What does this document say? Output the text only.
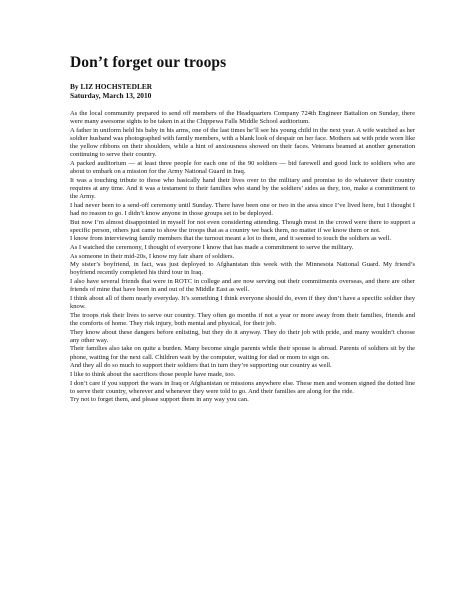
Don’t forget our troops
By LIZ HOCHSTEDLER
Saturday, March 13, 2010

As the local community prepared to send off members of the Headquarters Company 724th Engineer Battalion on Sunday, there were many awesome sights to be taken in at the Chippewa Falls Middle School auditorium.

A father in uniform held his baby in his arms, one of the last times he’ll see his young child in the next year. A wife watched as her soldier husband was photographed with family members, with a blank look of despair on her face. Mothers sat with pride worn like the yellow ribbons on their shoulders, while a hint of anxiousness showed on their faces. Veterans beamed at another generation continuing to serve their country.

A packed auditorium — at least three people for each one of the 90 soldiers — bid farewell and good luck to soldiers who are about to embark on a mission for the Army National Guard in Iraq.

It was a touching tribute to those who basically hand their lives over to the military and promise to do whatever their country requires at any time. And it was a testament to their families who stand by the soldiers’ sides as they, too, make a commitment to the Army.

I had never been to a send-off ceremony until Sunday. There have been one or two in the area since I’ve lived here, but I thought I had no reason to go. I didn’t know anyone in those groups set to be deployed.

But now I’m almost disappointed in myself for not even considering attending. Though most in the crowd were there to support a specific person, others just came to show the troops that as a country we back them, no matter if we know them or not.

I know from interviewing family members that the turnout meant a lot to them, and it seemed to touch the soldiers as well.

As I watched the ceremony, I thought of everyone I know that has made a commitment to serve the military.

As someone in their mid-20s, I know my fair share of soldiers.

My sister’s boyfriend, in fact, was just deployed to Afghanistan this week with the Minnesota National Guard. My friend’s boyfriend recently completed his third tour in Iraq.

I also have several friends that were in ROTC in college and are now serving out their commitments overseas, and there are other friends of mine that have been in and out of the Middle East as well.

I think about all of them nearly everyday. It’s something I think everyone should do, even if they don’t have a specific soldier they know.

The troops risk their lives to serve our country. They often go months if not a year or more away from their families, friends and the comforts of home. They risk injury, both mental and physical, for their job.

They know about these dangers before enlisting, but they do it anyway. They do their job with pride, and many wouldn’t choose any other way.

Their families also take on quite a burden. Many become single parents while their spouse is abroad. Parents of soldiers sit by the phone, waiting for the next call. Children wait by the computer, waiting for dad or mom to sign on.

And they all do so much to support their soldiers that in turn they’re supporting our country as well.

I like to think about the sacrifices those people have made, too.

I don’t care if you support the wars in Iraq or Afghanistan or missions anywhere else. These men and women signed the dotted line to serve their country, wherever and whenever they were told to go. And their families are along for the ride.

Try not to forget them, and please support them in any way you can.
